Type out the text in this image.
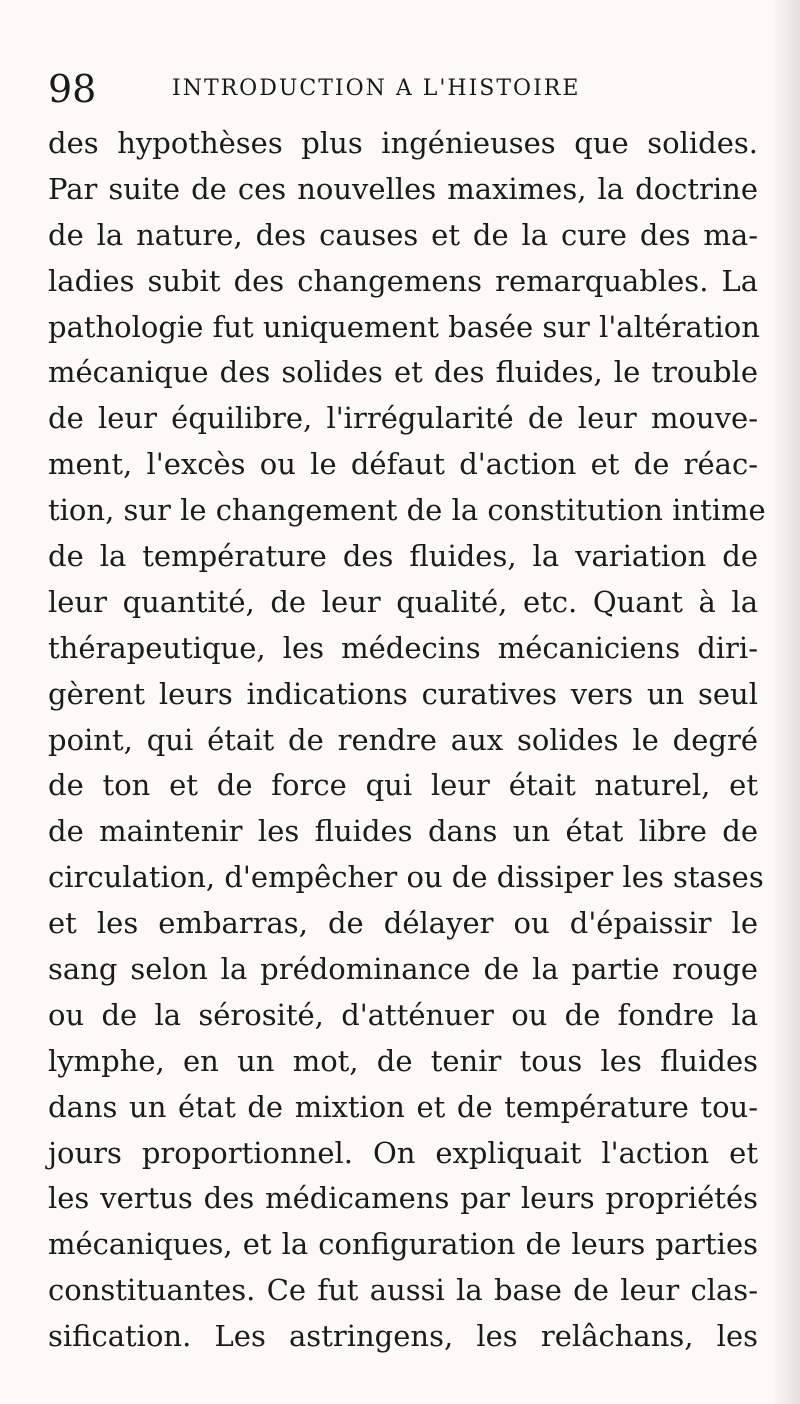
98	INTRODUCTION A L'HISTOIRE
des hypothèses plus ingénieuses que solides.
Par suite de ces nouvelles maximes, la doctrine
de la nature, des causes et de la cure des ma-
ladies subit des changemens remarquables. La
pathologie fut uniquement basée sur l'altération
mécanique des solides et des fluides, le trouble
de leur équilibre, l'irrégularité de leur mouve-
ment, l'excès ou le défaut d'action et de réac-
tion, sur le changement de la constitution intime
de la température des fluides, la variation de
leur quantité, de leur qualité, etc. Quant à la
thérapeutique, les médecins mécaniciens diri-
gèrent leurs indications curatives vers un seul
point, qui était de rendre aux solides le degré
de ton et de force qui leur était naturel, et
de maintenir les fluides dans un état libre de
circulation, d'empêcher ou de dissiper les stases
et les embarras, de délayer ou d'épaissir le
sang selon la prédominance de la partie rouge
ou de la sérosité, d'atténuer ou de fondre la
lymphe, en un mot, de tenir tous les fluides
dans un état de mixtion et de température tou-
jours proportionnel. On expliquait l'action et
les vertus des médicamens par leurs propriétés
mécaniques, et la configuration de leurs parties
constituantes. Ce fut aussi la base de leur clas-
sification. Les astringens, les relâchans, les
